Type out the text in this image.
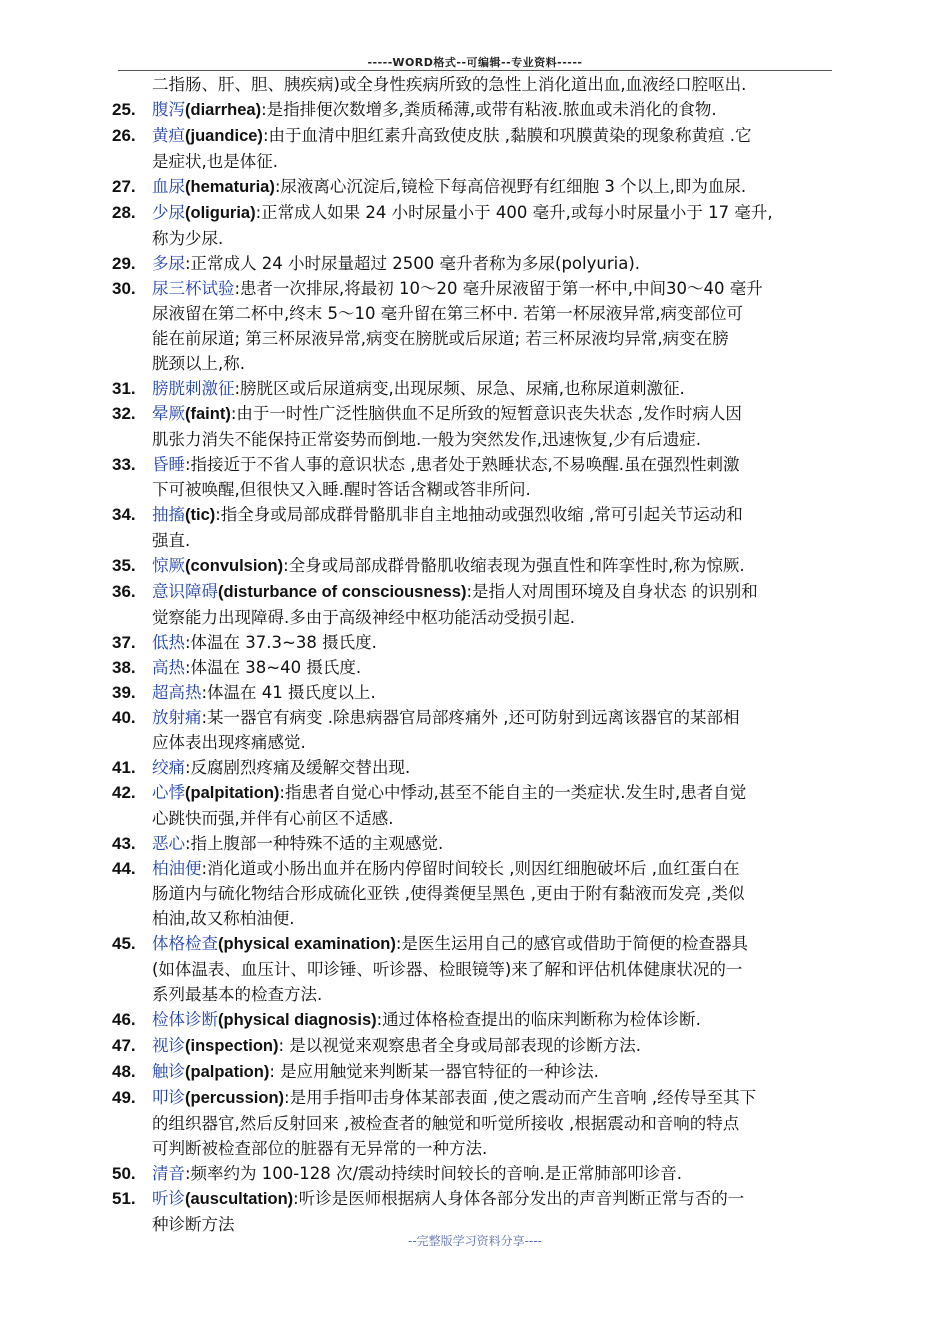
-----WORD格式--可编辑--专业资料-----
二指肠、肝、胆、胰疾病)或全身性疾病所致的急性上消化道出血,血液经口腔呕出.
25. 腹泻(diarrhea):是指排便次数增多,粪质稀薄,或带有粘液.脓血或未消化的食物.
26. 黄疸(juandice):由于血清中胆红素升高致使皮肤 ,黏膜和巩膜黄染的现象称黄疸 .它
是症状,也是体征.
27. 血尿(hematuria):尿液离心沉淀后,镜检下每高倍视野有红细胞 3 个以上,即为血尿.
28. 少尿(oliguria):正常成人如果 24 小时尿量小于 400 毫升,或每小时尿量小于 17 毫升,
称为少尿.
29. 多尿:正常成人 24 小时尿量超过 2500 毫升者称为多尿(polyuria).
30. 尿三杯试验:患者一次排尿,将最初 10～20 毫升尿液留于第一杯中,中间30～40 毫升
尿液留在第二杯中,终末 5～10 毫升留在第三杯中. 若第一杯尿液异常,病变部位可
能在前尿道; 第三杯尿液异常,病变在膀胱或后尿道; 若三杯尿液均异常,病变在膀
胱颈以上,称.
31. 膀胱刺激征:膀胱区或后尿道病变,出现尿频、尿急、尿痛,也称尿道刺激征.
32. 晕厥(faint):由于一时性广泛性脑供血不足所致的短暂意识丧失状态 ,发作时病人因
肌张力消失不能保持正常姿势而倒地.一般为突然发作,迅速恢复,少有后遗症.
33. 昏睡:指接近于不省人事的意识状态 ,患者处于熟睡状态,不易唤醒.虽在强烈性刺激
下可被唤醒,但很快又入睡.醒时答话含糊或答非所问.
34. 抽搐(tic):指全身或局部成群骨骼肌非自主地抽动或强烈收缩 ,常可引起关节运动和
强直.
35. 惊厥(convulsion):全身或局部成群骨骼肌收缩表现为强直性和阵挛性时,称为惊厥.
36. 意识障碍(disturbance of consciousness):是指人对周围环境及自身状态 的识别和
觉察能力出现障碍.多由于高级神经中枢功能活动受损引起.
37. 低热:体温在 37.3~38 摄氏度.
38. 高热:体温在 38~40 摄氏度.
39. 超高热:体温在 41 摄氏度以上.
40. 放射痛:某一器官有病变 .除患病器官局部疼痛外 ,还可防射到远离该器官的某部相
应体表出现疼痛感觉.
41. 绞痛:反腐剧烈疼痛及缓解交替出现.
42. 心悸(palpitation):指患者自觉心中悸动,甚至不能自主的一类症状.发生时,患者自觉
心跳快而强,并伴有心前区不适感.
43. 恶心:指上腹部一种特殊不适的主观感觉.
44. 柏油便:消化道或小肠出血并在肠内停留时间较长 ,则因红细胞破坏后 ,血红蛋白在
肠道内与硫化物结合形成硫化亚铁 ,使得粪便呈黑色 ,更由于附有黏液而发亮 ,类似
柏油,故又称柏油便.
45. 体格检查(physical examination):是医生运用自己的感官或借助于简便的检查器具
(如体温表、血压计、叩诊锤、听诊器、检眼镜等)来了解和评估机体健康状况的一
系列最基本的检查方法.
46. 检体诊断(physical diagnosis):通过体格检查提出的临床判断称为检体诊断.
47. 视诊(inspection): 是以视觉来观察患者全身或局部表现的诊断方法.
48. 触诊(palpation): 是应用触觉来判断某一器官特征的一种诊法.
49. 叩诊(percussion):是用手指叩击身体某部表面 ,使之震动而产生音响 ,经传导至其下
的组织器官,然后反射回来 ,被检查者的触觉和听觉所接收 ,根据震动和音响的特点
可判断被检查部位的脏器有无异常的一种方法.
50. 清音:频率约为 100-128 次/震动持续时间较长的音响.是正常肺部叩诊音.
51. 听诊(auscultation):听诊是医师根据病人身体各部分发出的声音判断正常与否的一
种诊断方法
--完整版学习资料分享----
